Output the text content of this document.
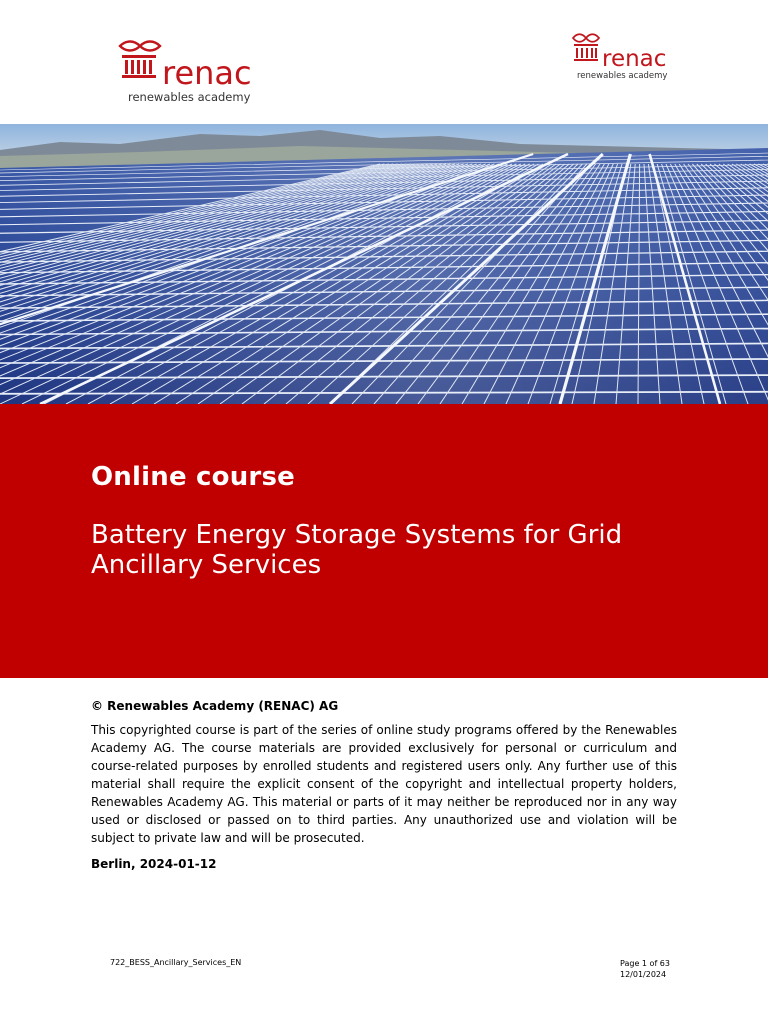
renac
renewables academy
renac
renewables academy
Online course
Battery Energy Storage Systems for Grid Ancillary Services
© Renewables Academy (RENAC) AG
This copyrighted course is part of the series of online study programs offered by the Renewables Academy AG. The course materials are provided exclusively for personal or curriculum and course-related purposes by enrolled students and registered users only. Any further use of this material shall require the explicit consent of the copyright and intellectual property holders, Renewables Academy AG. This material or parts of it may neither be reproduced nor in any way used or disclosed or passed on to third parties. Any unauthorized use and violation will be subject to private law and will be prosecuted.
Berlin, 2024-01-12
722_BESS_Ancillary_Services_EN	Page 1 of 63
12/01/2024
